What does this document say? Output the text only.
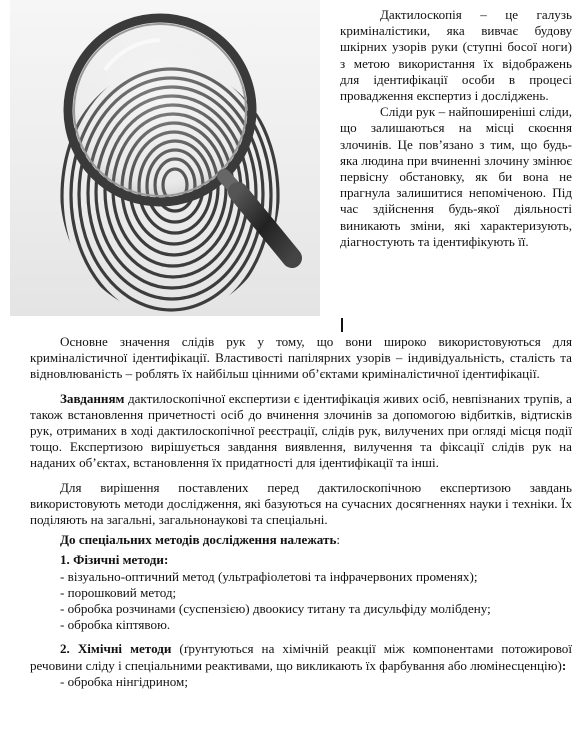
Дактилоскопія – це галузь криміналістики, яка вивчає будову шкірних узорів руки (ступні босої ноги) з метою використання їх відображень для ідентифікації особи в процесі провадження експертиз і досліджень.

Сліди рук – найпоширеніші сліди, що залишаються на місці скоєння злочинів. Це пов’язано з тим, що будь-яка людина при вчиненні злочину змінює первісну обстановку, як би вона не прагнула залишитися непоміченою. Під час здійснення будь-якої діяльності виникають зміни, які характеризують, діагностують та ідентифікують її.

Основне значення слідів рук у тому, що вони широко використовуються для криміналістичної ідентифікації. Властивості папілярних узорів – індивідуальність, сталість та відновлюваність – роблять їх найбільш цінними об’єктами криміналістичної ідентифікації.

Завданням дактилоскопічної експертизи є ідентифікація живих осіб, невпізнаних трупів, а також встановлення причетності осіб до вчинення злочинів за допомогою відбитків, відтисків рук, отриманих в ході дактилоскопічної реєстрації, слідів рук, вилучених при огляді місця події тощо. Експертизою вирішується завдання виявлення, вилучення та фіксації слідів рук на наданих об’єктах, встановлення їх придатності для ідентифікації та інші.

Для вирішення поставлених перед дактилоскопічною експертизою завдань використовують методи дослідження, які базуються на сучасних досягненнях науки і техніки. Їх поділяють на загальні, загальнонаукові та спеціальні.

До спеціальних методів дослідження належать:

1. Фізичні методи:

- візуально-оптичний метод (ультрафіолетові та інфрачервоних променях);
- порошковий метод;
- обробка розчинами (суспензією) двоокису титану та дисульфіду молібдену;
- обробка кіптявою.

2. Хімічні методи (ґрунтуються на хімічній реакції між компонентами потожирової речовини сліду і спеціальними реактивами, що викликають їх фарбування або люмінесценцію):

- обробка нінгідрином;
